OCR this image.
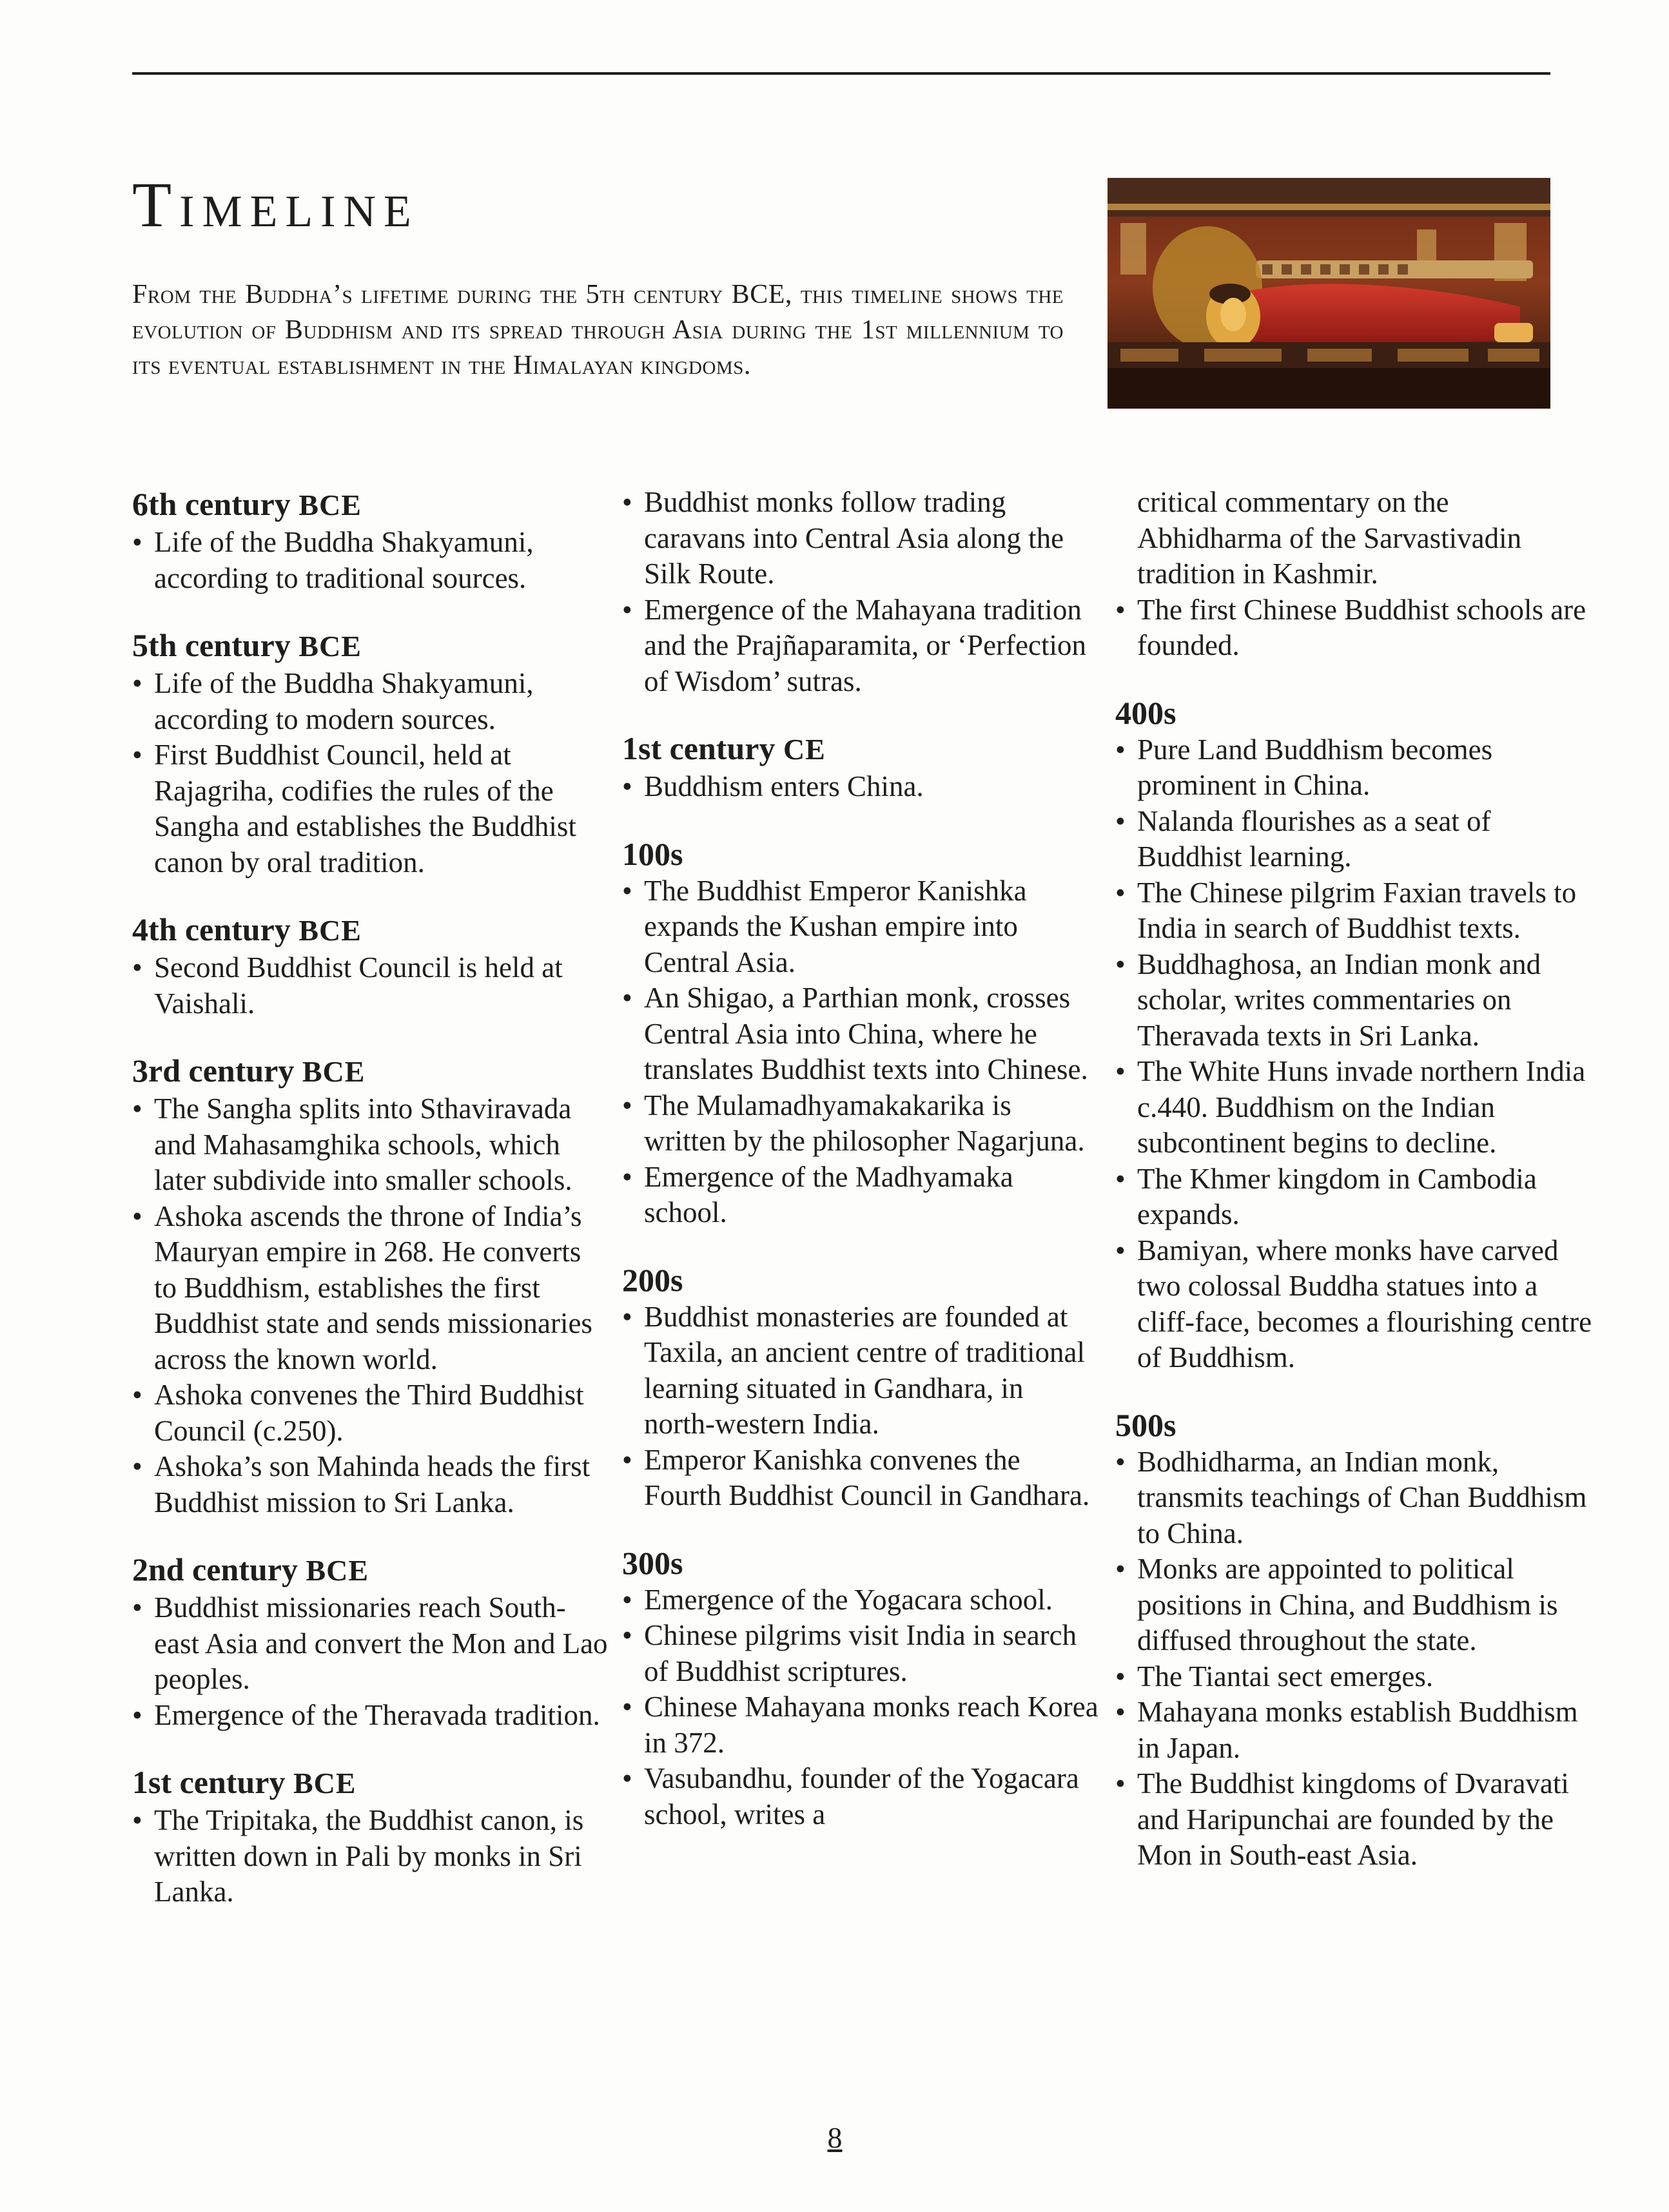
Timeline

From the Buddha’s lifetime during the 5th century BCE, this timeline shows the evolution of Buddhism and its spread through Asia during the 1st millennium to its eventual establishment in the Himalayan kingdoms.

6th century BCE
• Life of the Buddha Shakyamuni, according to traditional sources.
5th century BCE
• Life of the Buddha Shakyamuni, according to modern sources.
• First Buddhist Council, held at Rajagriha, codifies the rules of the Sangha and establishes the Buddhist canon by oral tradition.
4th century BCE
• Second Buddhist Council is held at Vaishali.
3rd century BCE
• The Sangha splits into Sthaviravada and Mahasamghika schools, which later subdivide into smaller schools.
• Ashoka ascends the throne of India’s Mauryan empire in 268. He converts to Buddhism, establishes the first Buddhist state and sends missionaries across the known world.
• Ashoka convenes the Third Buddhist Council (c.250).
• Ashoka’s son Mahinda heads the first Buddhist mission to Sri Lanka.
2nd century BCE
• Buddhist missionaries reach South-east Asia and convert the Mon and Lao peoples.
• Emergence of the Theravada tradition.
1st century BCE
• The Tripitaka, the Buddhist canon, is written down in Pali by monks in Sri Lanka.
• Buddhist monks follow trading caravans into Central Asia along the Silk Route.
• Emergence of the Mahayana tradition and the Prajñaparamita, or ‘Perfection of Wisdom’ sutras.
1st century CE
• Buddhism enters China.
100s
• The Buddhist Emperor Kanishka expands the Kushan empire into Central Asia.
• An Shigao, a Parthian monk, crosses Central Asia into China, where he translates Buddhist texts into Chinese.
• The Mulamadhyamakakarika is written by the philosopher Nagarjuna.
• Emergence of the Madhyamaka school.
200s
• Buddhist monasteries are founded at Taxila, an ancient centre of traditional learning situated in Gandhara, in north-western India.
• Emperor Kanishka convenes the Fourth Buddhist Council in Gandhara.
300s
• Emergence of the Yogacara school.
• Chinese pilgrims visit India in search of Buddhist scriptures.
• Chinese Mahayana monks reach Korea in 372.
• Vasubandhu, founder of the Yogacara school, writes a
critical commentary on the Abhidharma of the Sarvastivadin tradition in Kashmir.
• The first Chinese Buddhist schools are founded.
400s
• Pure Land Buddhism becomes prominent in China.
• Nalanda flourishes as a seat of Buddhist learning.
• The Chinese pilgrim Faxian travels to India in search of Buddhist texts.
• Buddhaghosa, an Indian monk and scholar, writes commentaries on Theravada texts in Sri Lanka.
• The White Huns invade northern India c.440. Buddhism on the Indian subcontinent begins to decline.
• The Khmer kingdom in Cambodia expands.
• Bamiyan, where monks have carved two colossal Buddha statues into a cliff-face, becomes a flourishing centre of Buddhism.
500s
• Bodhidharma, an Indian monk, transmits teachings of Chan Buddhism to China.
• Monks are appointed to political positions in China, and Buddhism is diffused throughout the state.
• The Tiantai sect emerges.
• Mahayana monks establish Buddhism in Japan.
• The Buddhist kingdoms of Dvaravati and Haripunchai are founded by the Mon in South-east Asia.
8
